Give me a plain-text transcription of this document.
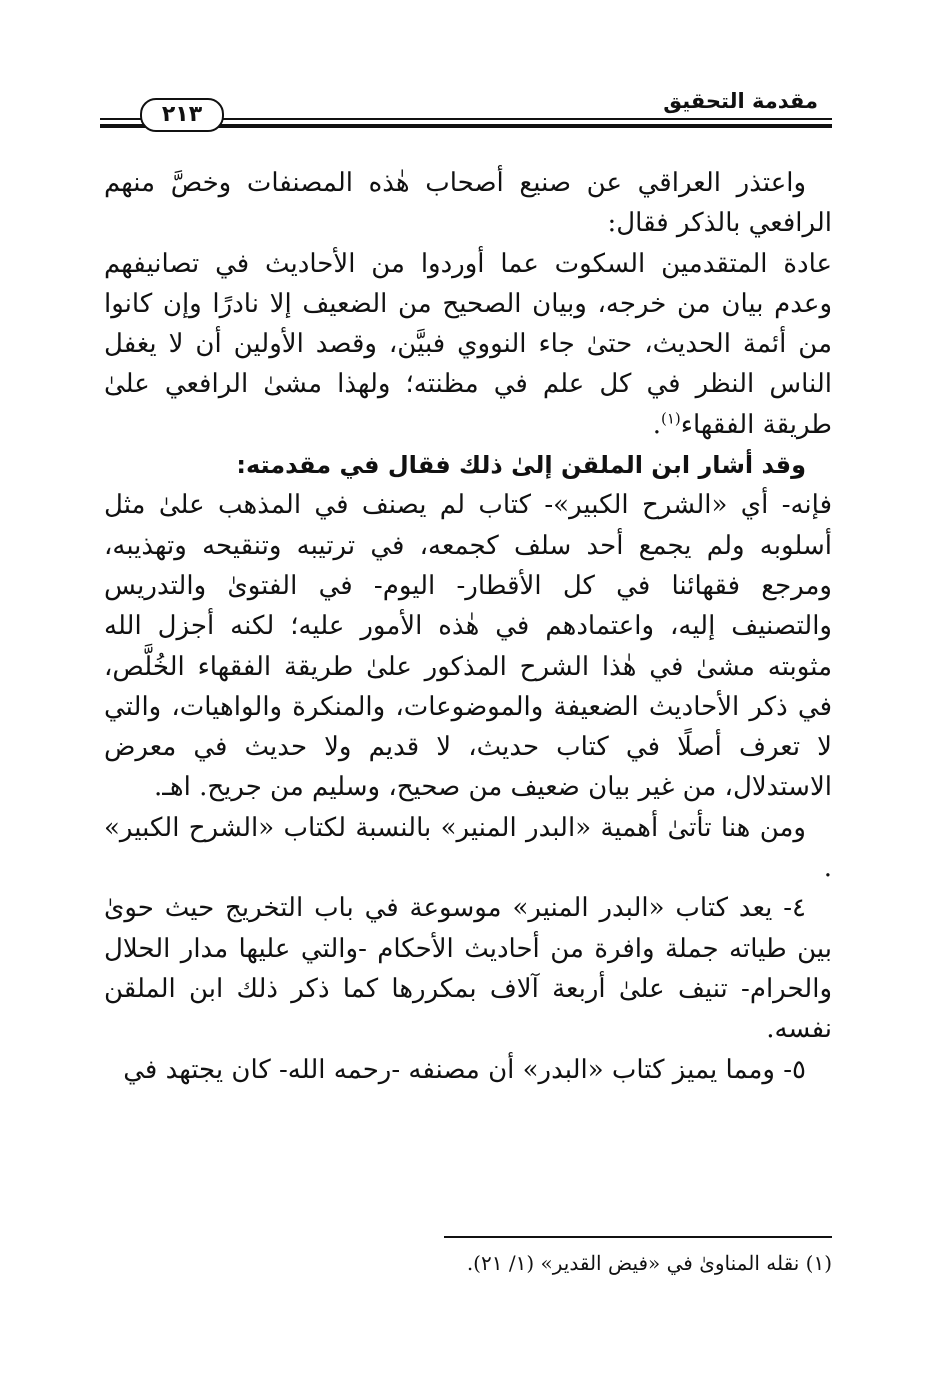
٢١٣
مقدمة التحقيق

واعتذر العراقي عن صنيع أصحاب هٰذه المصنفات وخصَّ منهم الرافعي بالذكر فقال:

عادة المتقدمين السكوت عما أوردوا من الأحاديث في تصانيفهم وعدم بيان من خرجه، وبيان الصحيح من الضعيف إلا نادرًا وإن كانوا من أئمة الحديث، حتىٰ جاء النووي فبيَّن، وقصد الأولين أن لا يغفل الناس النظر في كل علم في مظنته؛ ولهذا مشىٰ الرافعي علىٰ طريقة الفقهاء$^{(١)}$.

وقد أشار ابن الملقن إلىٰ ذلك فقال في مقدمته:

فإنه- أي «الشرح الكبير»- كتاب لم يصنف في المذهب علىٰ مثل أسلوبه ولم يجمع أحد سلف كجمعه، في ترتيبه وتنقيحه وتهذيبه، ومرجع فقهائنا في كل الأقطار- اليوم- في الفتوىٰ والتدريس والتصنيف إليه، واعتمادهم في هٰذه الأمور عليه؛ لكنه أجزل الله مثوبته مشىٰ في هٰذا الشرح المذكور علىٰ طريقة الفقهاء الخُلَّص، في ذكر الأحاديث الضعيفة والموضوعات، والمنكرة والواهيات، والتي لا تعرف أصلًا في كتاب حديث، لا قديم ولا حديث في معرض الاستدلال، من غير بيان ضعيف من صحيح، وسليم من جريح. اهـ.

ومن هنا تأتىٰ أهمية «البدر المنير» بالنسبة لكتاب «الشرح الكبير» .

٤- يعد كتاب «البدر المنير» موسوعة في باب التخريج حيث حوىٰ بين طياته جملة وافرة من أحاديث الأحكام -والتي عليها مدار الحلال والحرام- تنيف علىٰ أربعة آلاف بمكررها كما ذكر ذلك ابن الملقن نفسه.

٥- ومما يميز كتاب «البدر» أن مصنفه -رحمه الله- كان يجتهد في

(١) نقله المناوىٰ في «فيض القدير» (١/ ٢١).
